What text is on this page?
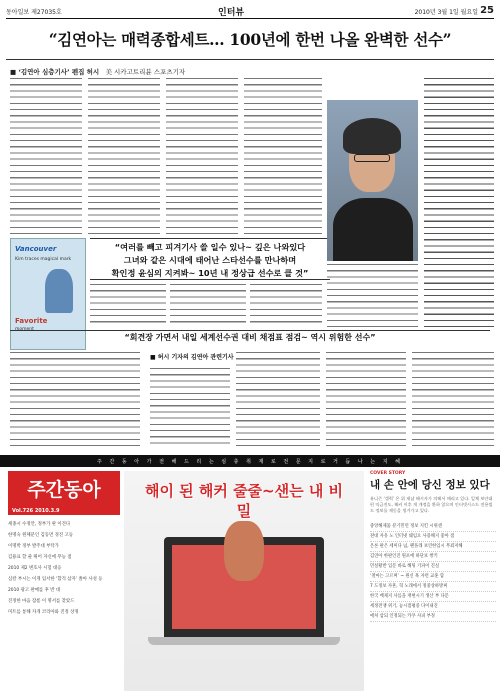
동아일보 제27035호	인터뷰	2010년 3월 1일 월요일 25
“김연아는 매력종합세트… 100년에 한번 나올 완벽한 선수”
■ ‘김연아 심층기사’ 펜집 허시 美 시카고트리뷴 스포츠기자
Vancouver
Kim traces magical mark
Favorite
moment
“여러를 빼고 피겨기사 쓸 일수 있나~ 깊은 나와있다
그녀와 같은 시대에 태어난 스타선수를 만나하며
확인정 윤심의 지켜봐~ 10년 내 정상급 선수로 클 것”
“회견장 가면서 내일 세계선수권 대비 채점표 점검~ 역시 위험한 선수”
■ 허시 기자의 김연아 관련기사
주 간 동 아 가 전 해 드 리 는 심 층 취 재 로 전 문 지 로 거 듭 나 는 지 혜
주간동아
Vol.726 2010.3.9
세종시 수정안, 정부가 딴 이견다
한명숙 원체분인 김동면 경진 고등
이명박 정부 발주대 부탁가
김용표 할 줄 뛰어 자신에 무능 점
2010 제2 변호사 시험 대응
심칼 부시는 이게 입서한 ‘합격 삼자’ 쫄아 사성 등
2010 광고 판매를 후 반 대
진정한 마음 잠룸 이 명서를 찾았드
미트를 통해 자개 코리아와 진정 상정
해이 된 해커 줄줄~샌는 내 비밀
COVER STORY
내 손 안에 당신 정보 있다
유니즌 ‘갤럭’ 은 위 제납 해시자가 의해서 매리고 있다. 일체 보안대편 익금진도, 해커 이후 개 개정을 환하 않으며 인터넷시스드 전용빌드 정보를 제동을 생겨가고 있다.
중앙해제품 분기민런 정보 지킨 시위센
젼대 자유 노 인터넷 쉐임요 사용해지 좋아 점
온론 판은 세미다 넘, 팬플래 보린한입시 무죄저해
김연아 한판인진 원포에 하단보 쌍키
민설황반 입문 바로 해팅 기파이 진실
‘철마는 고르며’ ~ 원신 흑 자련 교훈 함
7 도정보 자흔, 혁 노래에서 정중상하방찌
한국 배제지 사를을 재현시기 생산 부 다문
세정전쟁 위기, 놓시점평증 다이내진
애처 삼되 인정되는 카푸 사피 부정
